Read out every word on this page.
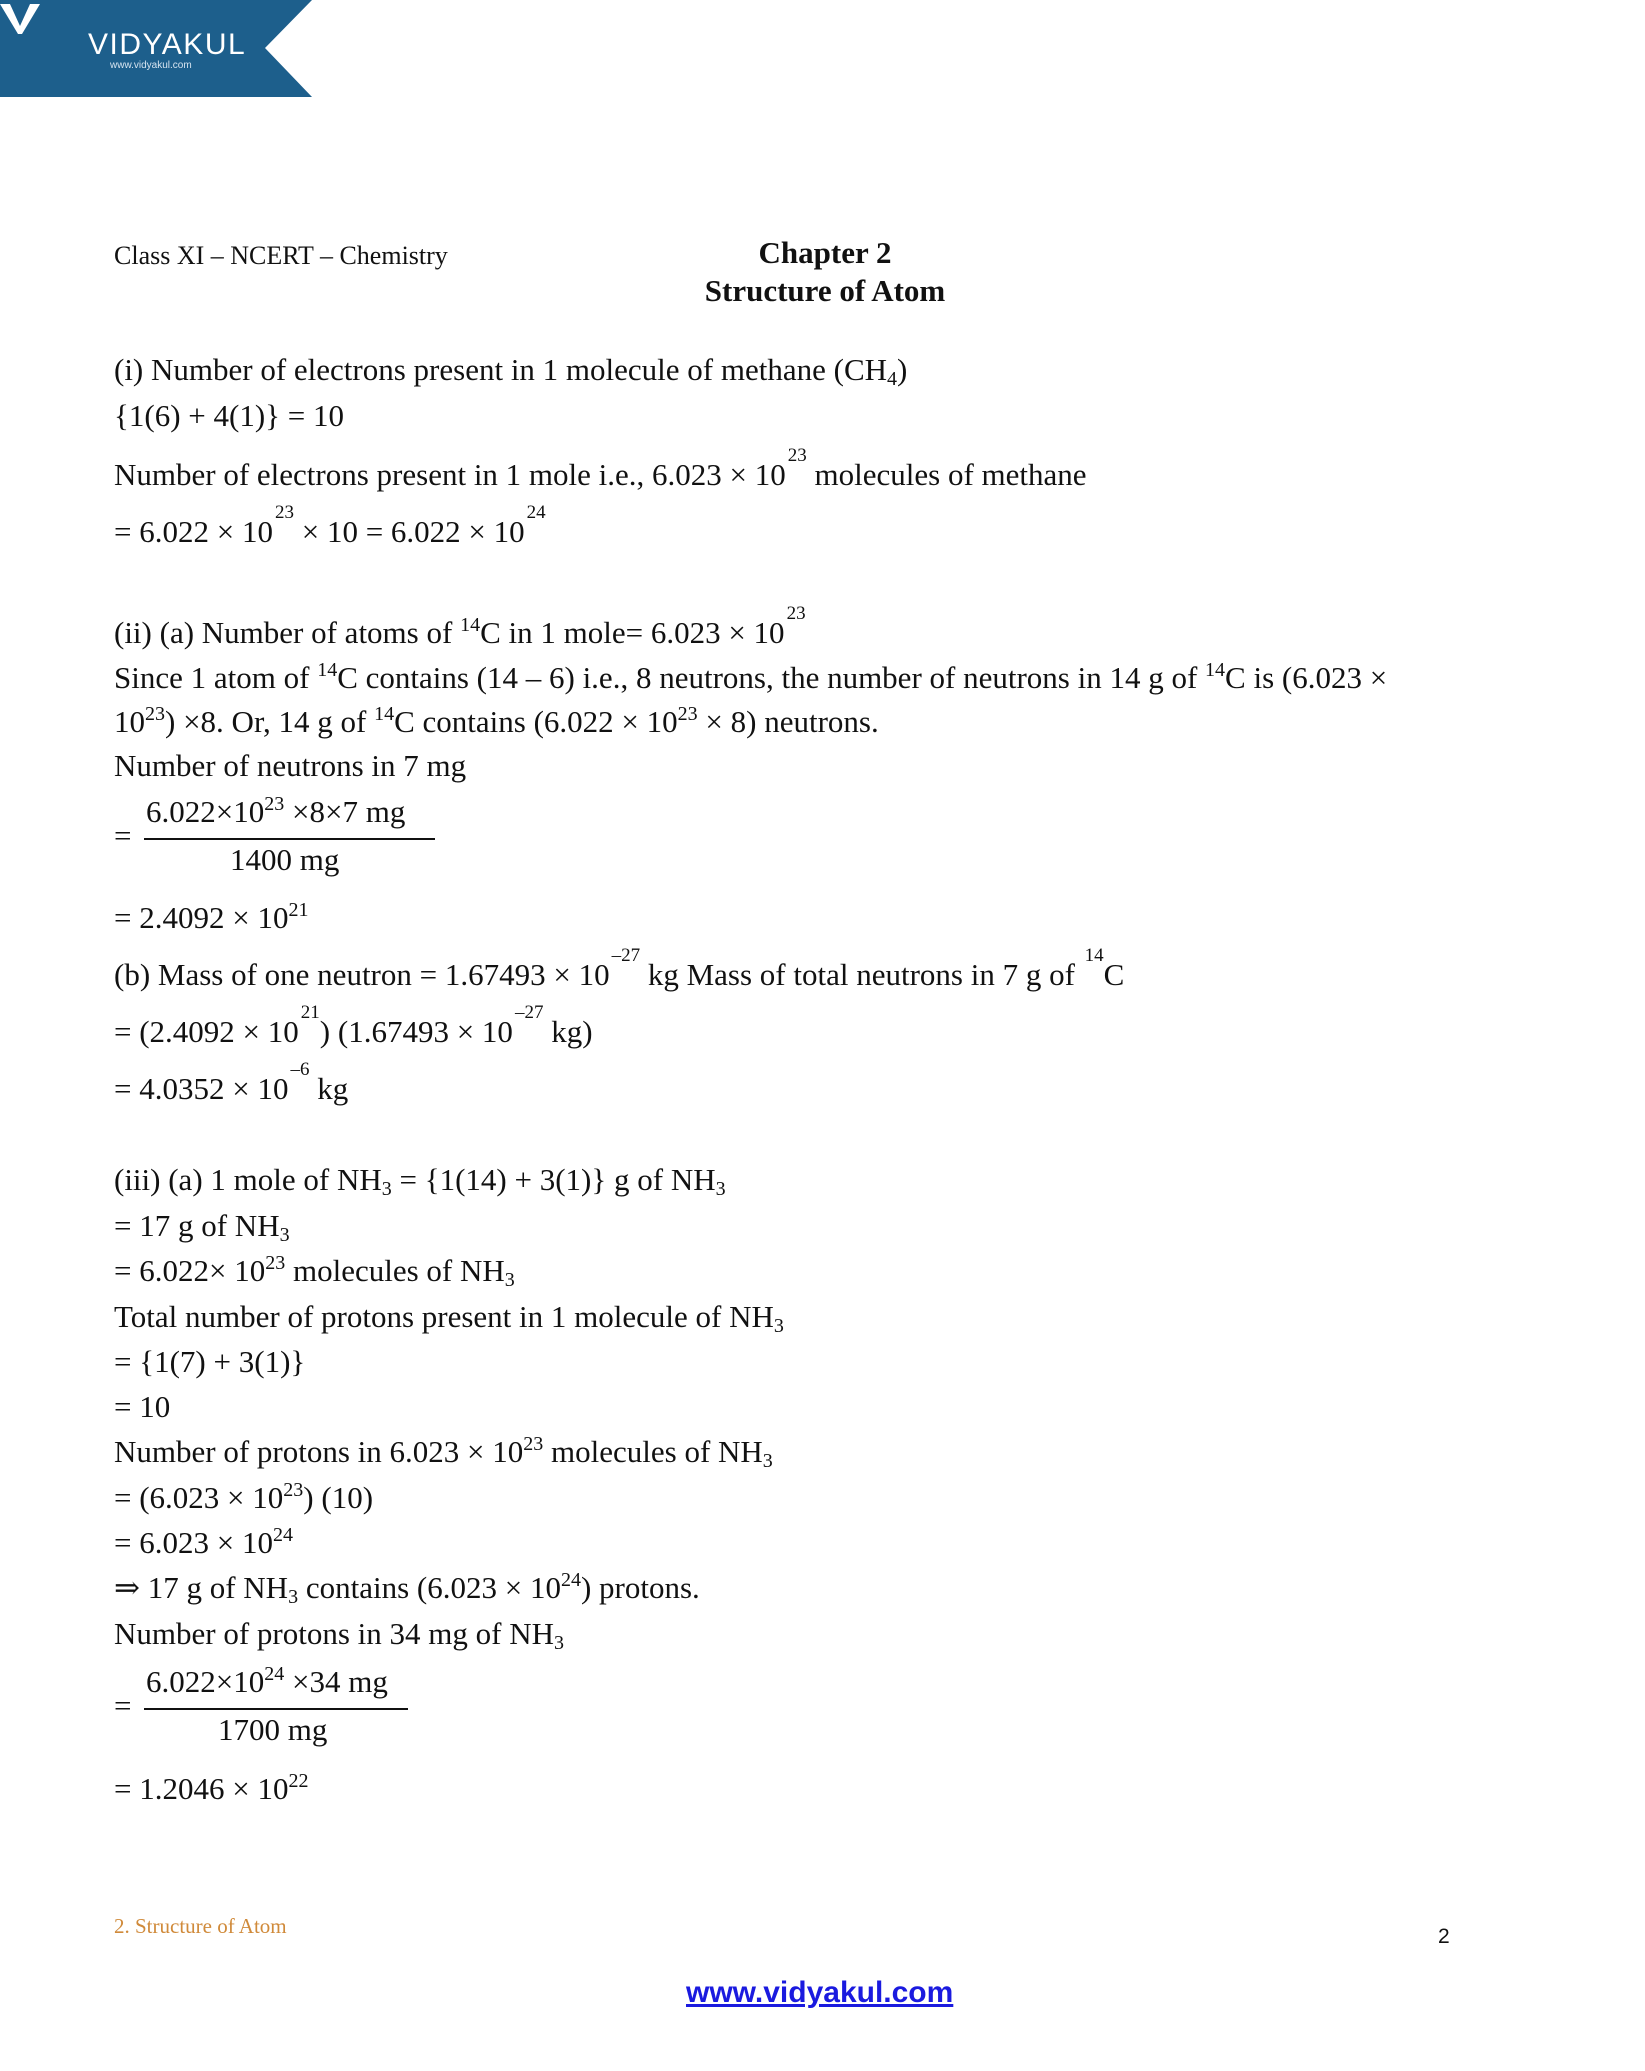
VIDYAKUL
www.vidyakul.com
Class XI – NCERT – Chemistry	Chapter 2
Structure of Atom
(i) Number of electrons present in 1 molecule of methane $(CH_4)$
{1(6) + 4(1)} = 10
Number of electrons present in 1 mole i.e., $6.023 \times 10^{23}$ molecules of methane
= $6.022 \times 10^{23} \times 10 = 6.022 \times 10^{24}$
(ii) (a) Number of atoms of $^{14}$C in 1 mole= $6.023 \times 10^{23}$
Since 1 atom of $^{14}$C contains (14 – 6) i.e., 8 neutrons, the number of neutrons in 14 g of $^{14}$C is (6.023 ×
$10^{23}) \times 8$. Or, 14 g of $^{14}$C contains $(6.022 \times 10^{23} \times 8)$ neutrons.
Number of neutrons in 7 mg
=
$6.022\times 10^{23} \times 8\times 7$ mg
1400 mg
= $2.4092 \times 10^{21}$
(b) Mass of one neutron = $1.67493 \times 10^{-27}$ kg Mass of total neutrons in 7 g of $^{14}$C
= $(2.4092 \times 10^{21})$ ($1.67493 \times 10^{-27}$ kg)
= $4.0352 \times 10^{-6}$ kg
(iii) (a) 1 mole of $NH_3 = \{1(14) + 3(1)\}$ g of $NH_3$
= 17 g of $NH_3$
= $6.022\times 10^{23}$ molecules of $NH_3$
Total number of protons present in 1 molecule of $NH_3$
= {1(7) + 3(1)}
= 10
Number of protons in $6.023 \times 10^{23}$ molecules of $NH_3$
= $(6.023 \times 10^{23})$ (10)
= $6.023 \times 10^{24}$
⇒ 17 g of $NH_3$ contains $(6.023 \times 10^{24})$ protons.
Number of protons in 34 mg of $NH_3$
=
$6.022\times 10^{24} \times 34$ mg
1700 mg
= $1.2046 \times 10^{22}$
2. Structure of Atom	2
www.vidyakul.com
